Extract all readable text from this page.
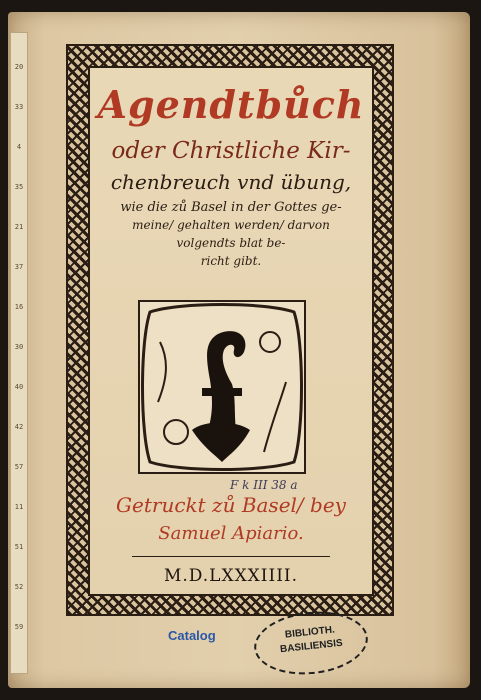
20
33
4
35
21
37
16
30
40
42
57
11
51
52
59
Agendtbůch
oder Christliche Kir-
chenbreuch vnd übung,
wie die zů Basel in der Gottes ge-
meine/ gehalten werden/ darvon
volgendts blat be-
richt gibt.
F k III 38 a
Getruckt zů Basel/ bey
Samuel Apiario.
M.D.LXXXIIII.
Catalog	BIBLIOTH.
BASILIENSIS
